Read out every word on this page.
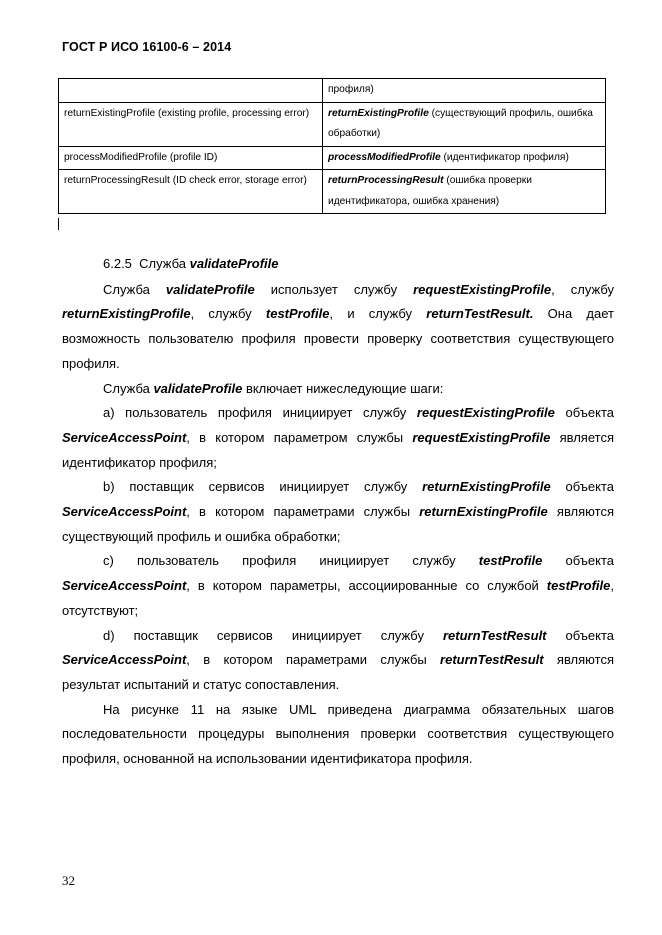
ГОСТ Р ИСО 16100-6 – 2014
	профиля)
returnExistingProfile (existing profile, processing error)	returnExistingProfile (существующий профиль, ошибка обработки)
processModifiedProfile (profile ID)	processModifiedProfile (идентификатор профиля)
returnProcessingResult (ID check error, storage error)	returnProcessingResult (ошибка проверки идентификатора, ошибка хранения)

6.2.5 Служба validateProfile

Служба validateProfile использует службу requestExistingProfile, службу returnExistingProfile, службу testProfile, и службу returnTestResult. Она дает возможность пользователю профиля провести проверку соответствия существующего профиля.

Служба validateProfile включает нижеследующие шаги:

а) пользователь профиля инициирует службу requestExistingProfile объекта ServiceAccessPoint, в котором параметром службы requestExistingProfile является идентификатор профиля;

b) поставщик сервисов инициирует службу returnExistingProfile объекта ServiceAccessPoint, в котором параметрами службы returnExistingProfile являются существующий профиль и ошибка обработки;

с) пользователь профиля инициирует службу testProfile объекта ServiceAccessPoint, в котором параметры, ассоциированные со службой testProfile, отсутствуют;

d) поставщик сервисов инициирует службу returnTestResult объекта ServiceAccessPoint, в котором параметрами службы returnTestResult являются результат испытаний и статус сопоставления.

На рисунке 11 на языке UML приведена диаграмма обязательных шагов последовательности процедуры выполнения проверки соответствия существующего профиля, основанной на использовании идентификатора профиля.

32
